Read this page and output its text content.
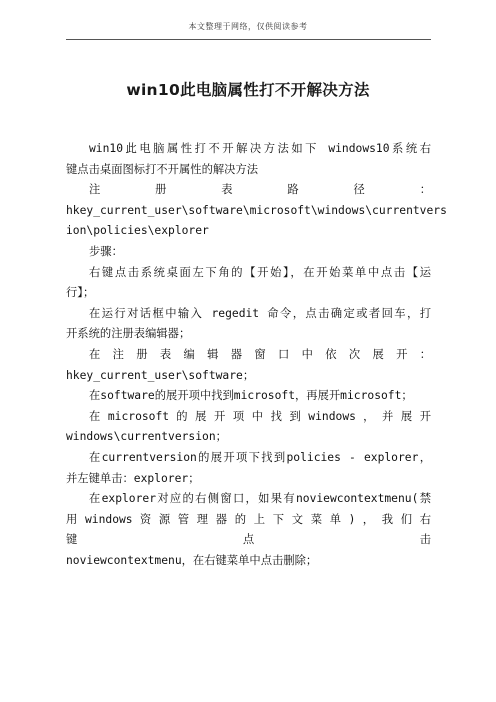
本文整理于网络，仅供阅读参考
win10此电脑属性打不开解决方法
win10此电脑属性打不开解决方法如下 windows10系统右
键点击桌面图标打不开属性的解决方法
注 册 表 路 径 ：
hkey_current_user\software\microsoft\windows\currentvers
ion\policies\explorer
步骤：
右键点击系统桌面左下角的【开始】，在开始菜单中点击【运
行】；
在运行对话框中输入 regedit 命令，点击确定或者回车，打
开系统的注册表编辑器；
在 注 册 表 编 辑 器 窗 口 中 依 次 展 开 ：
hkey_current_user\software；
在software的展开项中找到microsoft，再展开microsoft；
在 microsoft 的 展 开 项 中 找 到 windows ， 并 展 开
windows\currentversion；
在currentversion的展开项下找到policies - explorer，
并左键单击：explorer；
在explorer对应的右侧窗口，如果有noviewcontextmenu(禁
用 windows 资 源 管 理 器 的 上 下 文 菜 单 ) ， 我 们 右 键 点 击
noviewcontextmenu，在右键菜单中点击删除；
